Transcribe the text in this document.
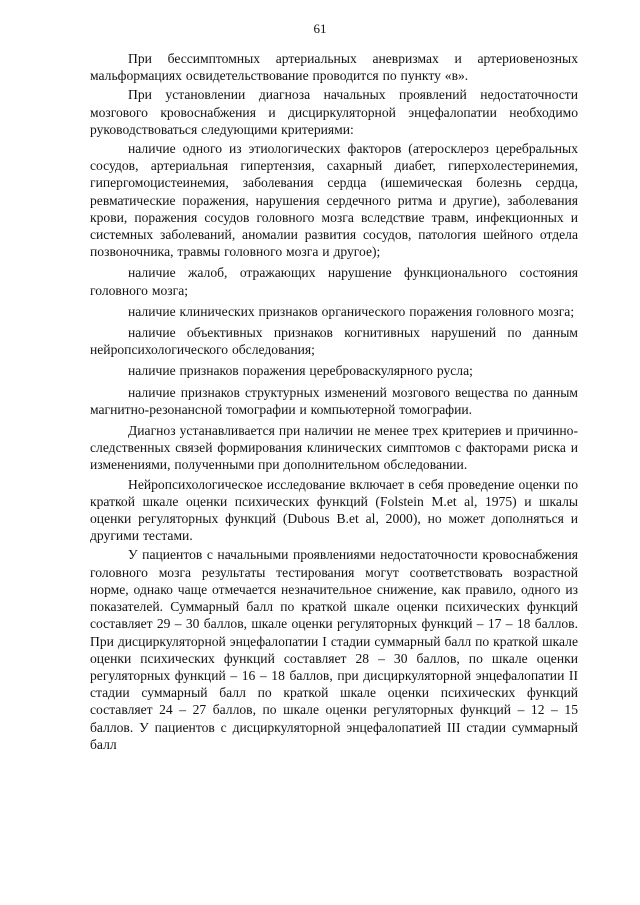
61

При бессимптомных артериальных аневризмах и артериовенозных мальформациях освидетельствование проводится по пункту «в».

При установлении диагноза начальных проявлений недостаточности мозгового кровоснабжения и дисциркуляторной энцефалопатии необходимо руководствоваться следующими критериями:

наличие одного из этиологических факторов (атеросклероз церебральных сосудов, артериальная гипертензия, сахарный диабет, гиперхолестеринемия, гипергомоцистеинемия, заболевания сердца (ишемическая болезнь сердца, ревматические поражения, нарушения сердечного ритма и другие), заболевания крови, поражения сосудов головного мозга вследствие травм, инфекционных и системных заболеваний, аномалии развития сосудов, патология шейного отдела позвоночника, травмы головного мозга и другое);

наличие жалоб, отражающих нарушение функционального состояния головного мозга;

наличие клинических признаков органического поражения головного мозга;

наличие объективных признаков когнитивных нарушений по данным нейропсихологического обследования;

наличие признаков поражения цереброваскулярного русла;

наличие признаков структурных изменений мозгового вещества по данным магнитно-резонансной томографии и компьютерной томографии.

Диагноз устанавливается при наличии не менее трех критериев и причинно-следственных связей формирования клинических симптомов с факторами риска и изменениями, полученными при дополнительном обследовании.

Нейропсихологическое исследование включает в себя проведение оценки по краткой шкале оценки психических функций (Folstein M.et al, 1975) и шкалы оценки регуляторных функций (Dubous B.et al, 2000), но может дополняться и другими тестами.

У пациентов с начальными проявлениями недостаточности кровоснабжения головного мозга результаты тестирования могут соответствовать возрастной норме, однако чаще отмечается незначительное снижение, как правило, одного из показателей. Суммарный балл по краткой шкале оценки психических функций составляет 29 – 30 баллов, шкале оценки регуляторных функций – 17 – 18 баллов. При дисциркуляторной энцефалопатии I стадии суммарный балл по краткой шкале оценки психических функций составляет 28 – 30 баллов, по шкале оценки регуляторных функций – 16 – 18 баллов, при дисциркуляторной энцефалопатии II стадии суммарный балл по краткой шкале оценки психических функций составляет 24 – 27 баллов, по шкале оценки регуляторных функций – 12 – 15 баллов. У пациентов с дисциркуляторной энцефалопатией III стадии суммарный балл
